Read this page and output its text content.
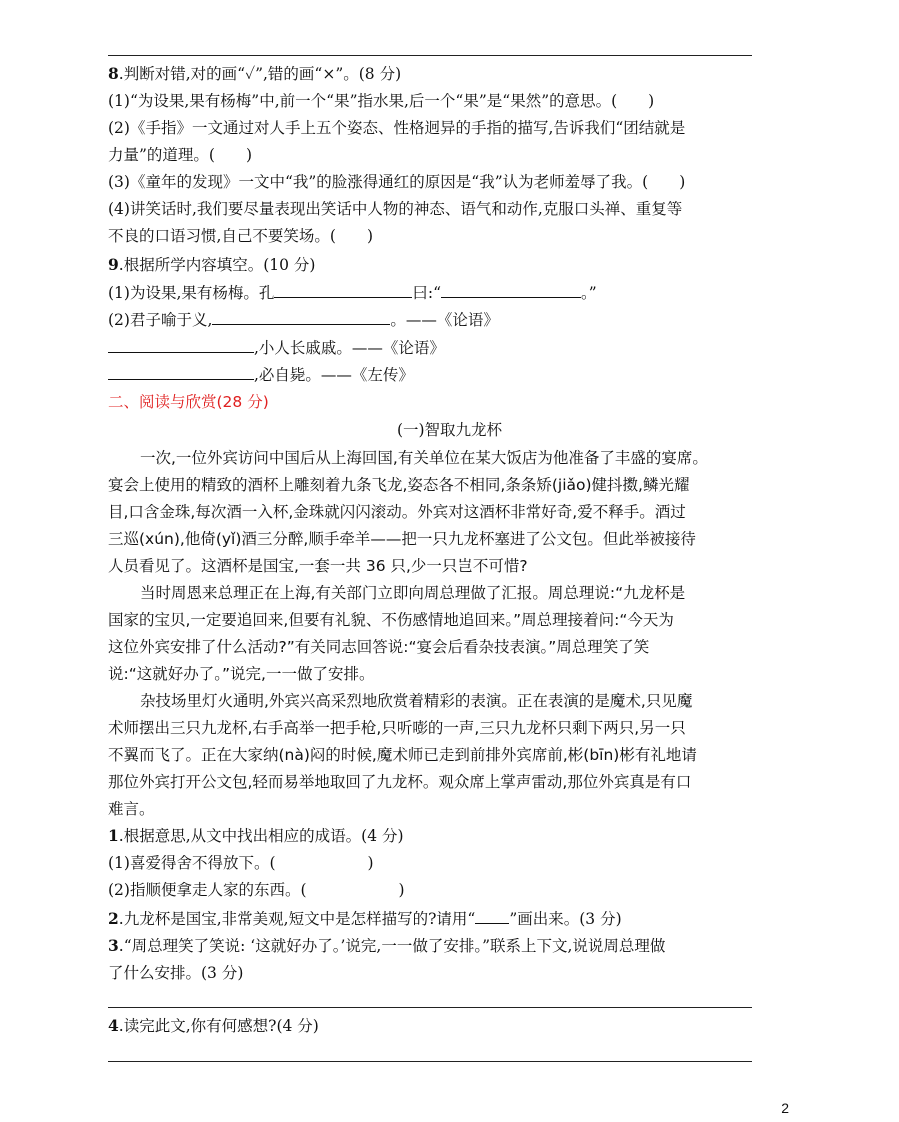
8.判断对错,对的画“✓”,错的画“×”。(8 分)
(1)“为设果,果有杨梅”中,前一个“果”指水果,后一个“果”是“果然”的意思。(　　)
(2)《手指》一文通过对人手上五个姿态、性格迥异的手指的描写,告诉我们“团结就是
力量”的道理。(　　)
(3)《童年的发现》一文中“我”的脸涨得通红的原因是“我”认为老师羞辱了我。(　　)
(4)讲笑话时,我们要尽量表现出笑话中人物的神态、语气和动作,克服口头禅、重复等
不良的口语习惯,自己不要笑场。(　　)
9.根据所学内容填空。(10 分)
(1)为设果,果有杨梅。孔	曰:“	。”
(2)君子喻于义,	。——《论语》
,小人长戚戚。——《论语》
,必自毙。——《左传》
二、阅读与欣赏(28 分)
(一)智取九龙杯
一次,一位外宾访问中国后从上海回国,有关单位在某大饭店为他准备了丰盛的宴席。
宴会上使用的精致的酒杯上雕刻着九条飞龙,姿态各不相同,条条矫(jiǎo)健抖擞,鳞光耀
目,口含金珠,每次酒一入杯,金珠就闪闪滚动。外宾对这酒杯非常好奇,爱不释手。酒过
三巡(xún),他倚(yǐ)酒三分醉,顺手牵羊——把一只九龙杯塞进了公文包。但此举被接待
人员看见了。这酒杯是国宝,一套一共 36 只,少一只岂不可惜?
当时周恩来总理正在上海,有关部门立即向周总理做了汇报。周总理说:“九龙杯是
国家的宝贝,一定要追回来,但要有礼貌、不伤感情地追回来。”周总理接着问:“今天为
这位外宾安排了什么活动?”有关同志回答说:“宴会后看杂技表演。”周总理笑了笑
说:“这就好办了。”说完,一一做了安排。
杂技场里灯火通明,外宾兴高采烈地欣赏着精彩的表演。正在表演的是魔术,只见魔
术师摆出三只九龙杯,右手高举一把手枪,只听嘭的一声,三只九龙杯只剩下两只,另一只
不翼而飞了。正在大家纳(nà)闷的时候,魔术师已走到前排外宾席前,彬(bīn)彬有礼地请
那位外宾打开公文包,轻而易举地取回了九龙杯。观众席上掌声雷动,那位外宾真是有口
难言。
1.根据意思,从文中找出相应的成语。(4 分)
(1)喜爱得舍不得放下。(	)
(2)指顺便拿走人家的东西。(	)
2.九龙杯是国宝,非常美观,短文中是怎样描写的?请用“ ”画出来。(3 分)
3.“周总理笑了笑说: ‘这就好办了。’说完,一一做了安排。”联系上下文,说说周总理做
了什么安排。(3 分)
4.读完此文,你有何感想?(4 分)
2
